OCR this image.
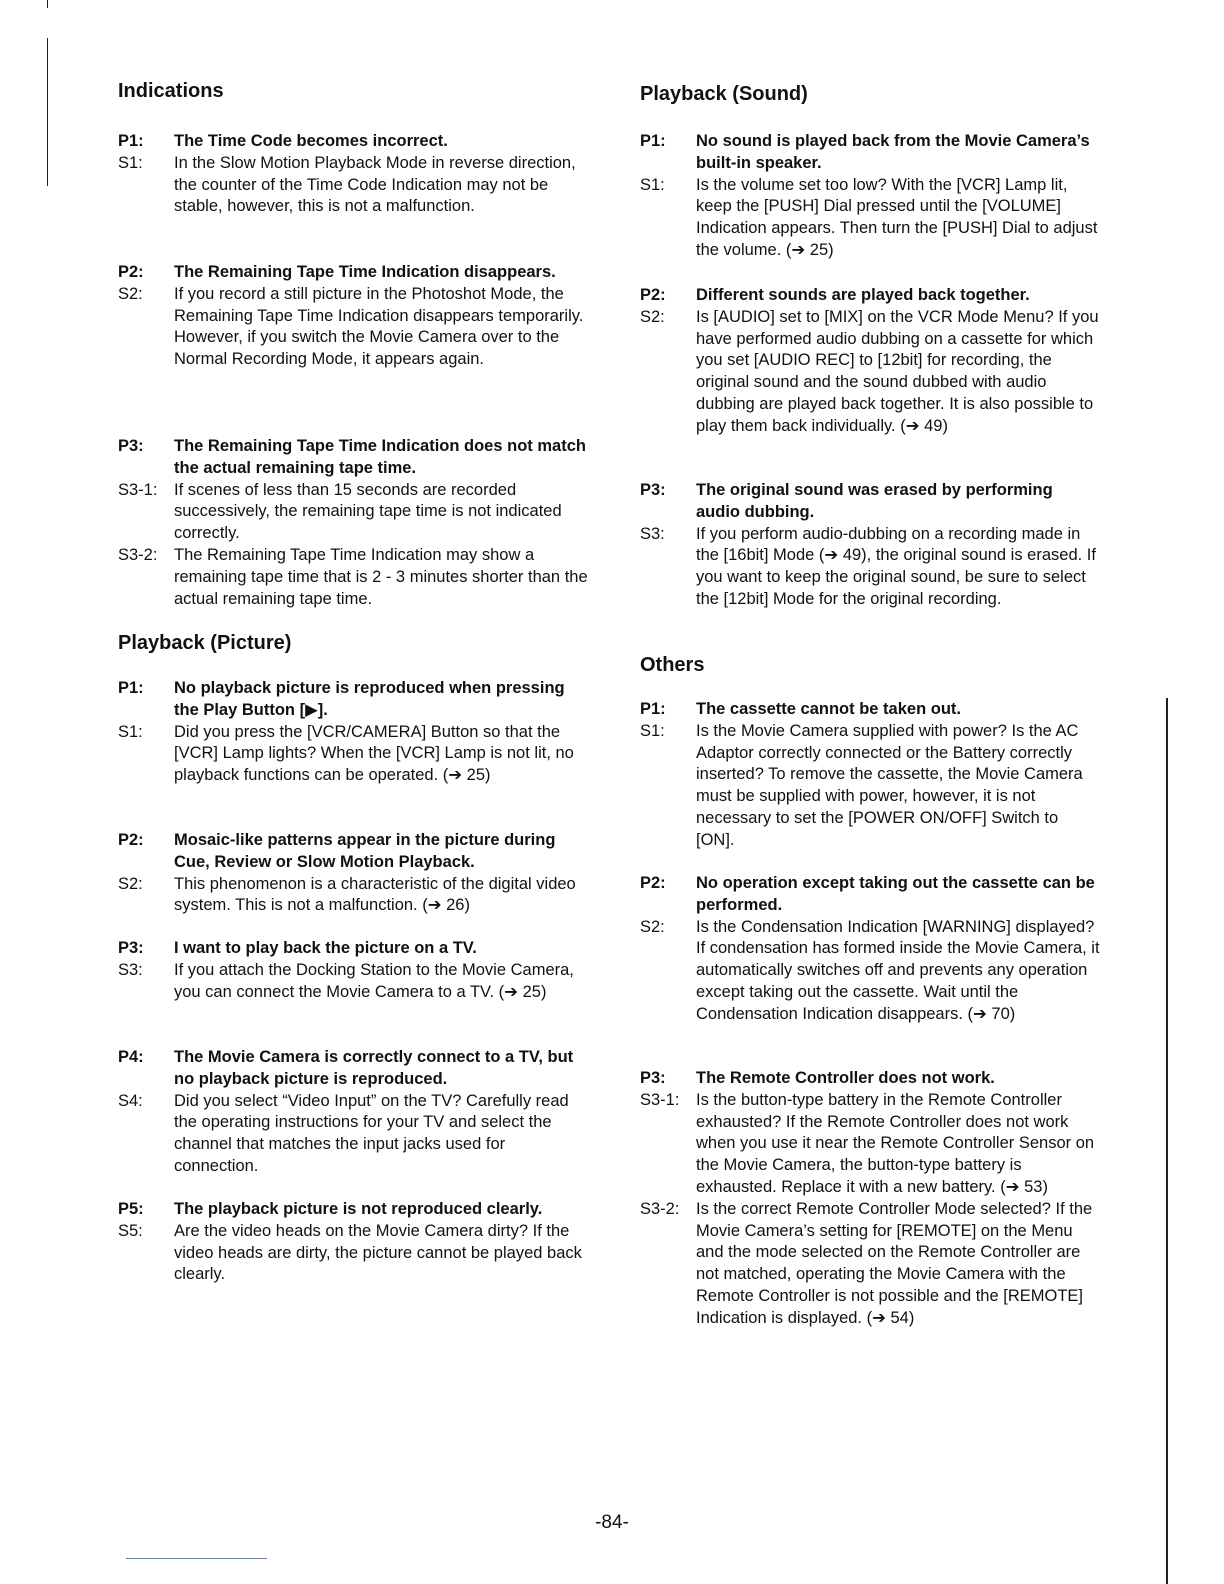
Indications
P1:	The Time Code becomes incorrect.
S1:	In the Slow Motion Playback Mode in reverse direction, the counter of the Time Code Indication may not be stable, however, this is not a malfunction.
P2:	The Remaining Tape Time Indication disappears.
S2:	If you record a still picture in the Photoshot Mode, the Remaining Tape Time Indication disappears temporarily. However, if you switch the Movie Camera over to the Normal Recording Mode, it appears again.
P3:	The Remaining Tape Time Indication does not match the actual remaining tape time.
S3-1:	If scenes of less than 15 seconds are recorded successively, the remaining tape time is not indicated correctly.
S3-2:	The Remaining Tape Time Indication may show a remaining tape time that is 2 - 3 minutes shorter than the actual remaining tape time.
Playback (Picture)
P1:	No playback picture is reproduced when pressing the Play Button [▶].
S1:	Did you press the [VCR/CAMERA] Button so that the [VCR] Lamp lights? When the [VCR] Lamp is not lit, no playback functions can be operated. (➔ 25)
P2:	Mosaic-like patterns appear in the picture during Cue, Review or Slow Motion Playback.
S2:	This phenomenon is a characteristic of the digital video system. This is not a malfunction. (➔ 26)
P3:	I want to play back the picture on a TV.
S3:	If you attach the Docking Station to the Movie Camera, you can connect the Movie Camera to a TV. (➔ 25)
P4:	The Movie Camera is correctly connect to a TV, but no playback picture is reproduced.
S4:	Did you select “Video Input” on the TV? Carefully read the operating instructions for your TV and select the channel that matches the input jacks used for connection.
P5:	The playback picture is not reproduced clearly.
S5:	Are the video heads on the Movie Camera dirty? If the video heads are dirty, the picture cannot be played back clearly.
Playback (Sound)
P1:	No sound is played back from the Movie Camera’s built-in speaker.
S1:	Is the volume set too low? With the [VCR] Lamp lit, keep the [PUSH] Dial pressed until the [VOLUME] Indication appears. Then turn the [PUSH] Dial to adjust the volume. (➔ 25)
P2:	Different sounds are played back together.
S2:	Is [AUDIO] set to [MIX] on the VCR Mode Menu? If you have performed audio dubbing on a cassette for which you set [AUDIO REC] to [12bit] for recording, the original sound and the sound dubbed with audio dubbing are played back together. It is also possible to play them back individually. (➔ 49)
P3:	The original sound was erased by performing audio dubbing.
S3:	If you perform audio-dubbing on a recording made in the [16bit] Mode (➔ 49), the original sound is erased. If you want to keep the original sound, be sure to select the [12bit] Mode for the original recording.
Others
P1:	The cassette cannot be taken out.
S1:	Is the Movie Camera supplied with power? Is the AC Adaptor correctly connected or the Battery correctly inserted? To remove the cassette, the Movie Camera must be supplied with power, however, it is not necessary to set the [POWER ON/OFF] Switch to [ON].
P2:	No operation except taking out the cassette can be performed.
S2:	Is the Condensation Indication [WARNING] displayed? If condensation has formed inside the Movie Camera, it automatically switches off and prevents any operation except taking out the cassette. Wait until the Condensation Indication disappears. (➔ 70)
P3:	The Remote Controller does not work.
S3-1:	Is the button-type battery in the Remote Controller exhausted? If the Remote Controller does not work when you use it near the Remote Controller Sensor on the Movie Camera, the button-type battery is exhausted. Replace it with a new battery. (➔ 53)
S3-2:	Is the correct Remote Controller Mode selected? If the Movie Camera’s setting for [REMOTE] on the Menu and the mode selected on the Remote Controller are not matched, operating the Movie Camera with the Remote Controller is not possible and the [REMOTE] Indication is displayed. (➔ 54)
-84-
